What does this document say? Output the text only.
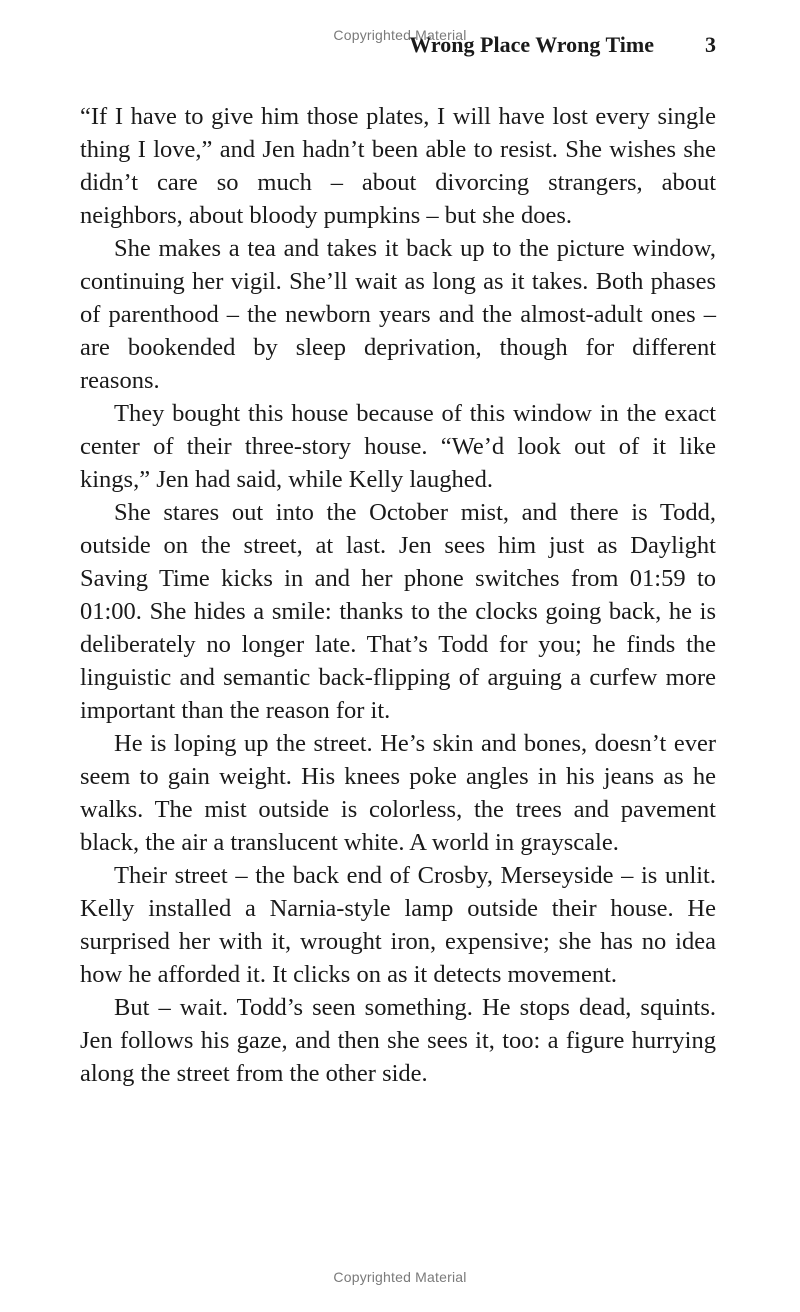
Copyrighted Material
Wrong Place Wrong Time 3

“If I have to give him those plates, I will have lost every single thing I love,” and Jen hadn’t been able to resist. She wishes she didn’t care so much – about divorcing strangers, about neighbors, about bloody pumpkins – but she does.

She makes a tea and takes it back up to the picture window, continuing her vigil. She’ll wait as long as it takes. Both phases of parenthood – the newborn years and the almost-adult ones – are bookended by sleep deprivation, though for different reasons.

They bought this house because of this window in the exact center of their three-story house. “We’d look out of it like kings,” Jen had said, while Kelly laughed.

She stares out into the October mist, and there is Todd, outside on the street, at last. Jen sees him just as Daylight Saving Time kicks in and her phone switches from 01:59 to 01:00. She hides a smile: thanks to the clocks going back, he is deliberately no longer late. That’s Todd for you; he finds the linguistic and semantic back-flipping of arguing a curfew more important than the reason for it.

He is loping up the street. He’s skin and bones, doesn’t ever seem to gain weight. His knees poke angles in his jeans as he walks. The mist outside is colorless, the trees and pavement black, the air a translucent white. A world in grayscale.

Their street – the back end of Crosby, Merseyside – is unlit. Kelly installed a Narnia-style lamp outside their house. He surprised her with it, wrought iron, expensive; she has no idea how he afforded it. It clicks on as it detects movement.

But – wait. Todd’s seen something. He stops dead, squints. Jen follows his gaze, and then she sees it, too: a figure hurrying along the street from the other side.

Copyrighted Material
